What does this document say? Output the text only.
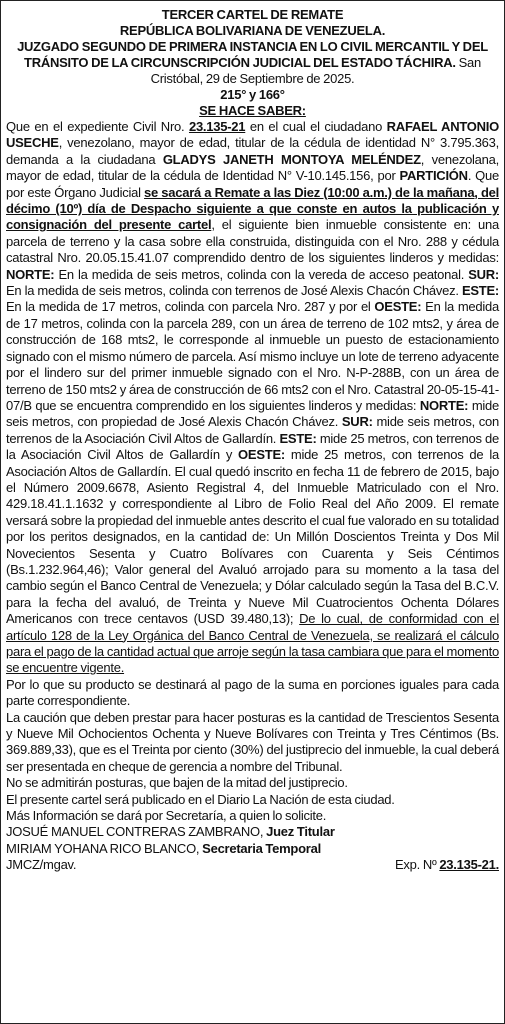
TERCER CARTEL DE REMATE
REPÚBLICA BOLIVARIANA DE VENEZUELA.
JUZGADO SEGUNDO DE PRIMERA INSTANCIA EN LO CIVIL MERCANTIL Y DEL TRÁNSITO DE LA CIRCUNSCRIPCIÓN JUDICIAL DEL ESTADO TÁCHIRA. San Cristóbal, 29 de Septiembre de 2025.
215° y 166°
SE HACE SABER:

Que en el expediente Civil Nro. 23.135-21 en el cual el ciudadano RAFAEL ANTONIO USECHE, venezolano, mayor de edad, titular de la cédula de identidad N° 3.795.363, demanda a la ciudadana GLADYS JANETH MONTOYA MELÉNDEZ, venezolana, mayor de edad, titular de la cédula de Identidad N° V-10.145.156, por PARTICIÓN. Que por este Órgano Judicial se sacará a Remate a las Diez (10:00 a.m.) de la mañana, del décimo (10º) día de Despacho siguiente a que conste en autos la publicación y consignación del presente cartel, el siguiente bien inmueble consistente en: una parcela de terreno y la casa sobre ella construida, distinguida con el Nro. 288 y cédula catastral Nro. 20.05.15.41.07 comprendido dentro de los siguientes linderos y medidas: NORTE: En la medida de seis metros, colinda con la vereda de acceso peatonal. SUR: En la medida de seis metros, colinda con terrenos de José Alexis Chacón Chávez. ESTE: En la medida de 17 metros, colinda con parcela Nro. 287 y por el OESTE: En la medida de 17 metros, colinda con la parcela 289, con un área de terreno de 102 mts2, y área de construcción de 168 mts2, le corresponde al inmueble un puesto de estacionamiento signado con el mismo número de parcela. Así mismo incluye un lote de terreno adyacente por el lindero sur del primer inmueble signado con el Nro. N-P-288B, con un área de terreno de 150 mts2 y área de construcción de 66 mts2 con el Nro. Catastral 20-05-15-41-07/B que se encuentra comprendido en los siguientes linderos y medidas: NORTE: mide seis metros, con propiedad de José Alexis Chacón Chávez. SUR: mide seis metros, con terrenos de la Asociación Civil Altos de Gallardín. ESTE: mide 25 metros, con terrenos de la Asociación Civil Altos de Gallardín y OESTE: mide 25 metros, con terrenos de la Asociación Altos de Gallardín. El cual quedó inscrito en fecha 11 de febrero de 2015, bajo el Número 2009.6678, Asiento Registral 4, del Inmueble Matriculado con el Nro. 429.18.41.1.1632 y correspondiente al Libro de Folio Real del Año 2009. El remate versará sobre la propiedad del inmueble antes descrito el cual fue valorado en su totalidad por los peritos designados, en la cantidad de: Un Millón Doscientos Treinta y Dos Mil Novecientos Sesenta y Cuatro Bolívares con Cuarenta y Seis Céntimos (Bs.1.232.964,46); Valor general del Avaluó arrojado para su momento a la tasa del cambio según el Banco Central de Venezuela; y Dólar calculado según la Tasa del B.C.V. para la fecha del avaluó, de Treinta y Nueve Mil Cuatrocientos Ochenta Dólares Americanos con trece centavos (USD 39.480,13); De lo cual, de conformidad con el artículo 128 de la Ley Orgánica del Banco Central de Venezuela, se realizará el cálculo para el pago de la cantidad actual que arroje según la tasa cambiara que para el momento se encuentre vigente.

Por lo que su producto se destinará al pago de la suma en porciones iguales para cada parte correspondiente.

La caución que deben prestar para hacer posturas es la cantidad de Trescientos Sesenta y Nueve Mil Ochocientos Ochenta y Nueve Bolívares con Treinta y Tres Céntimos (Bs. 369.889,33), que es el Treinta por ciento (30%) del justiprecio del inmueble, la cual deberá ser presentada en cheque de gerencia a nombre del Tribunal.

No se admitirán posturas, que bajen de la mitad del justiprecio.

El presente cartel será publicado en el Diario La Nación de esta ciudad.

Más Información se dará por Secretaría, a quien lo solicite.

JOSUÉ MANUEL CONTRERAS ZAMBRANO, Juez Titular
MIRIAM YOHANA RICO BLANCO, Secretaria Temporal
JMCZ/mgav.	Exp. Nº 23.135-21.
